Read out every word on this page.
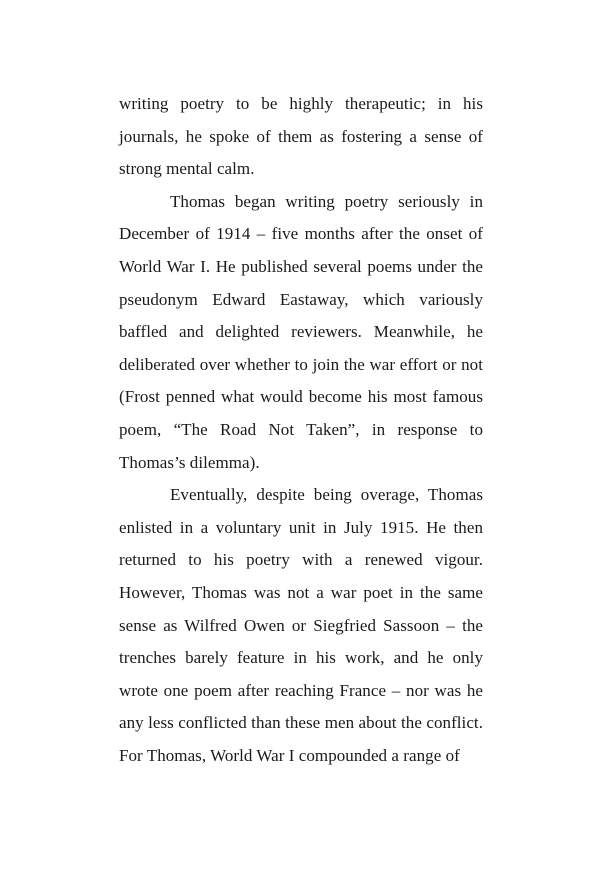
writing poetry to be highly therapeutic; in his journals, he spoke of them as fostering a sense of strong mental calm.

Thomas began writing poetry seriously in December of 1914 – five months after the onset of World War I. He published several poems under the pseudonym Edward Eastaway, which variously baffled and delighted reviewers. Meanwhile, he deliberated over whether to join the war effort or not (Frost penned what would become his most famous poem, “The Road Not Taken”, in response to Thomas’s dilemma).

Eventually, despite being overage, Thomas enlisted in a voluntary unit in July 1915. He then returned to his poetry with a renewed vigour. However, Thomas was not a war poet in the same sense as Wilfred Owen or Siegfried Sassoon – the trenches barely feature in his work, and he only wrote one poem after reaching France – nor was he any less conflicted than these men about the conflict. For Thomas, World War I compounded a range of
